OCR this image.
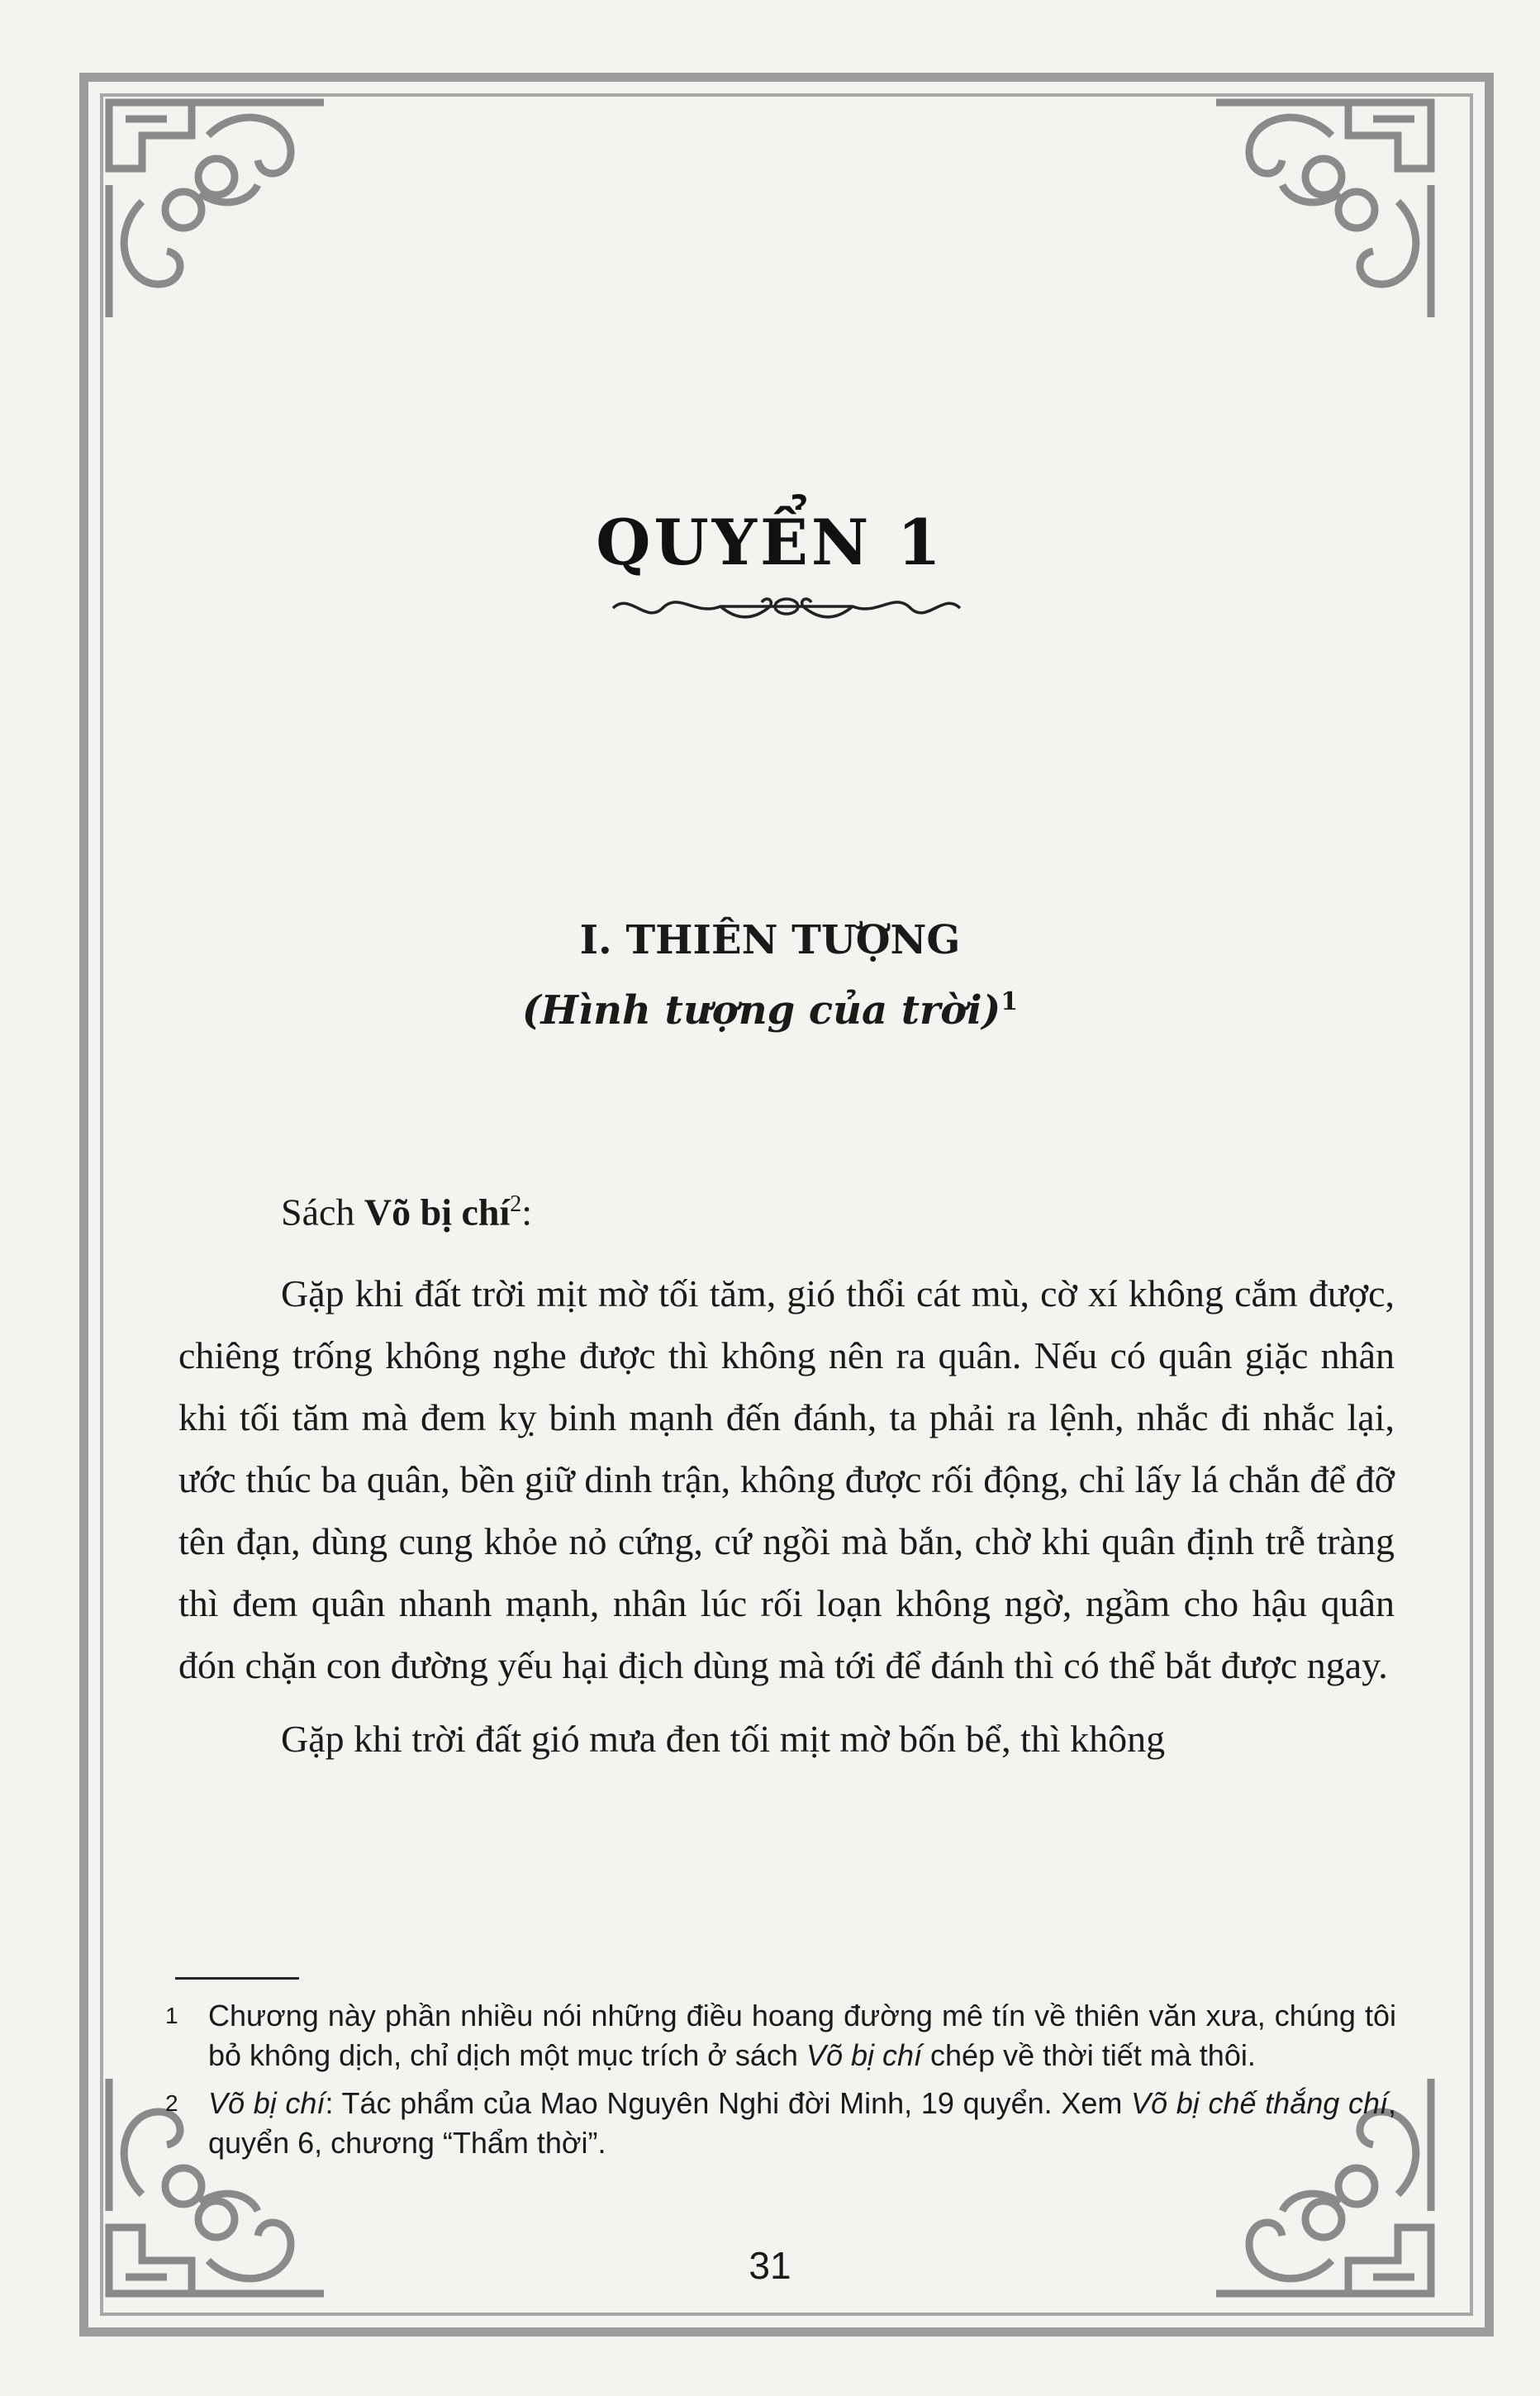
QUYỂN 1
I. THIÊN TƯỢNG
(Hình tượng của trời)$^1$

Sách Võ bị chí$^2$:

Gặp khi đất trời mịt mờ tối tăm, gió thổi cát mù, cờ xí không cắm được, chiêng trống không nghe được thì không nên ra quân. Nếu có quân giặc nhân khi tối tăm mà đem kỵ binh mạnh đến đánh, ta phải ra lệnh, nhắc đi nhắc lại, ước thúc ba quân, bền giữ dinh trận, không được rối động, chỉ lấy lá chắn để đỡ tên đạn, dùng cung khỏe nỏ cứng, cứ ngồi mà bắn, chờ khi quân định trễ tràng thì đem quân nhanh mạnh, nhân lúc rối loạn không ngờ, ngầm cho hậu quân đón chặn con đường yếu hại địch dùng mà tới để đánh thì có thể bắt được ngay.

Gặp khi trời đất gió mưa đen tối mịt mờ bốn bể, thì không

1 Chương này phần nhiều nói những điều hoang đường mê tín về thiên văn xưa, chúng tôi bỏ không dịch, chỉ dịch một mục trích ở sách Võ bị chí chép về thời tiết mà thôi.
2 Võ bị chí: Tác phẩm của Mao Nguyên Nghi đời Minh, 19 quyển. Xem Võ bị chế thắng chí, quyển 6, chương “Thẩm thời”.
31
